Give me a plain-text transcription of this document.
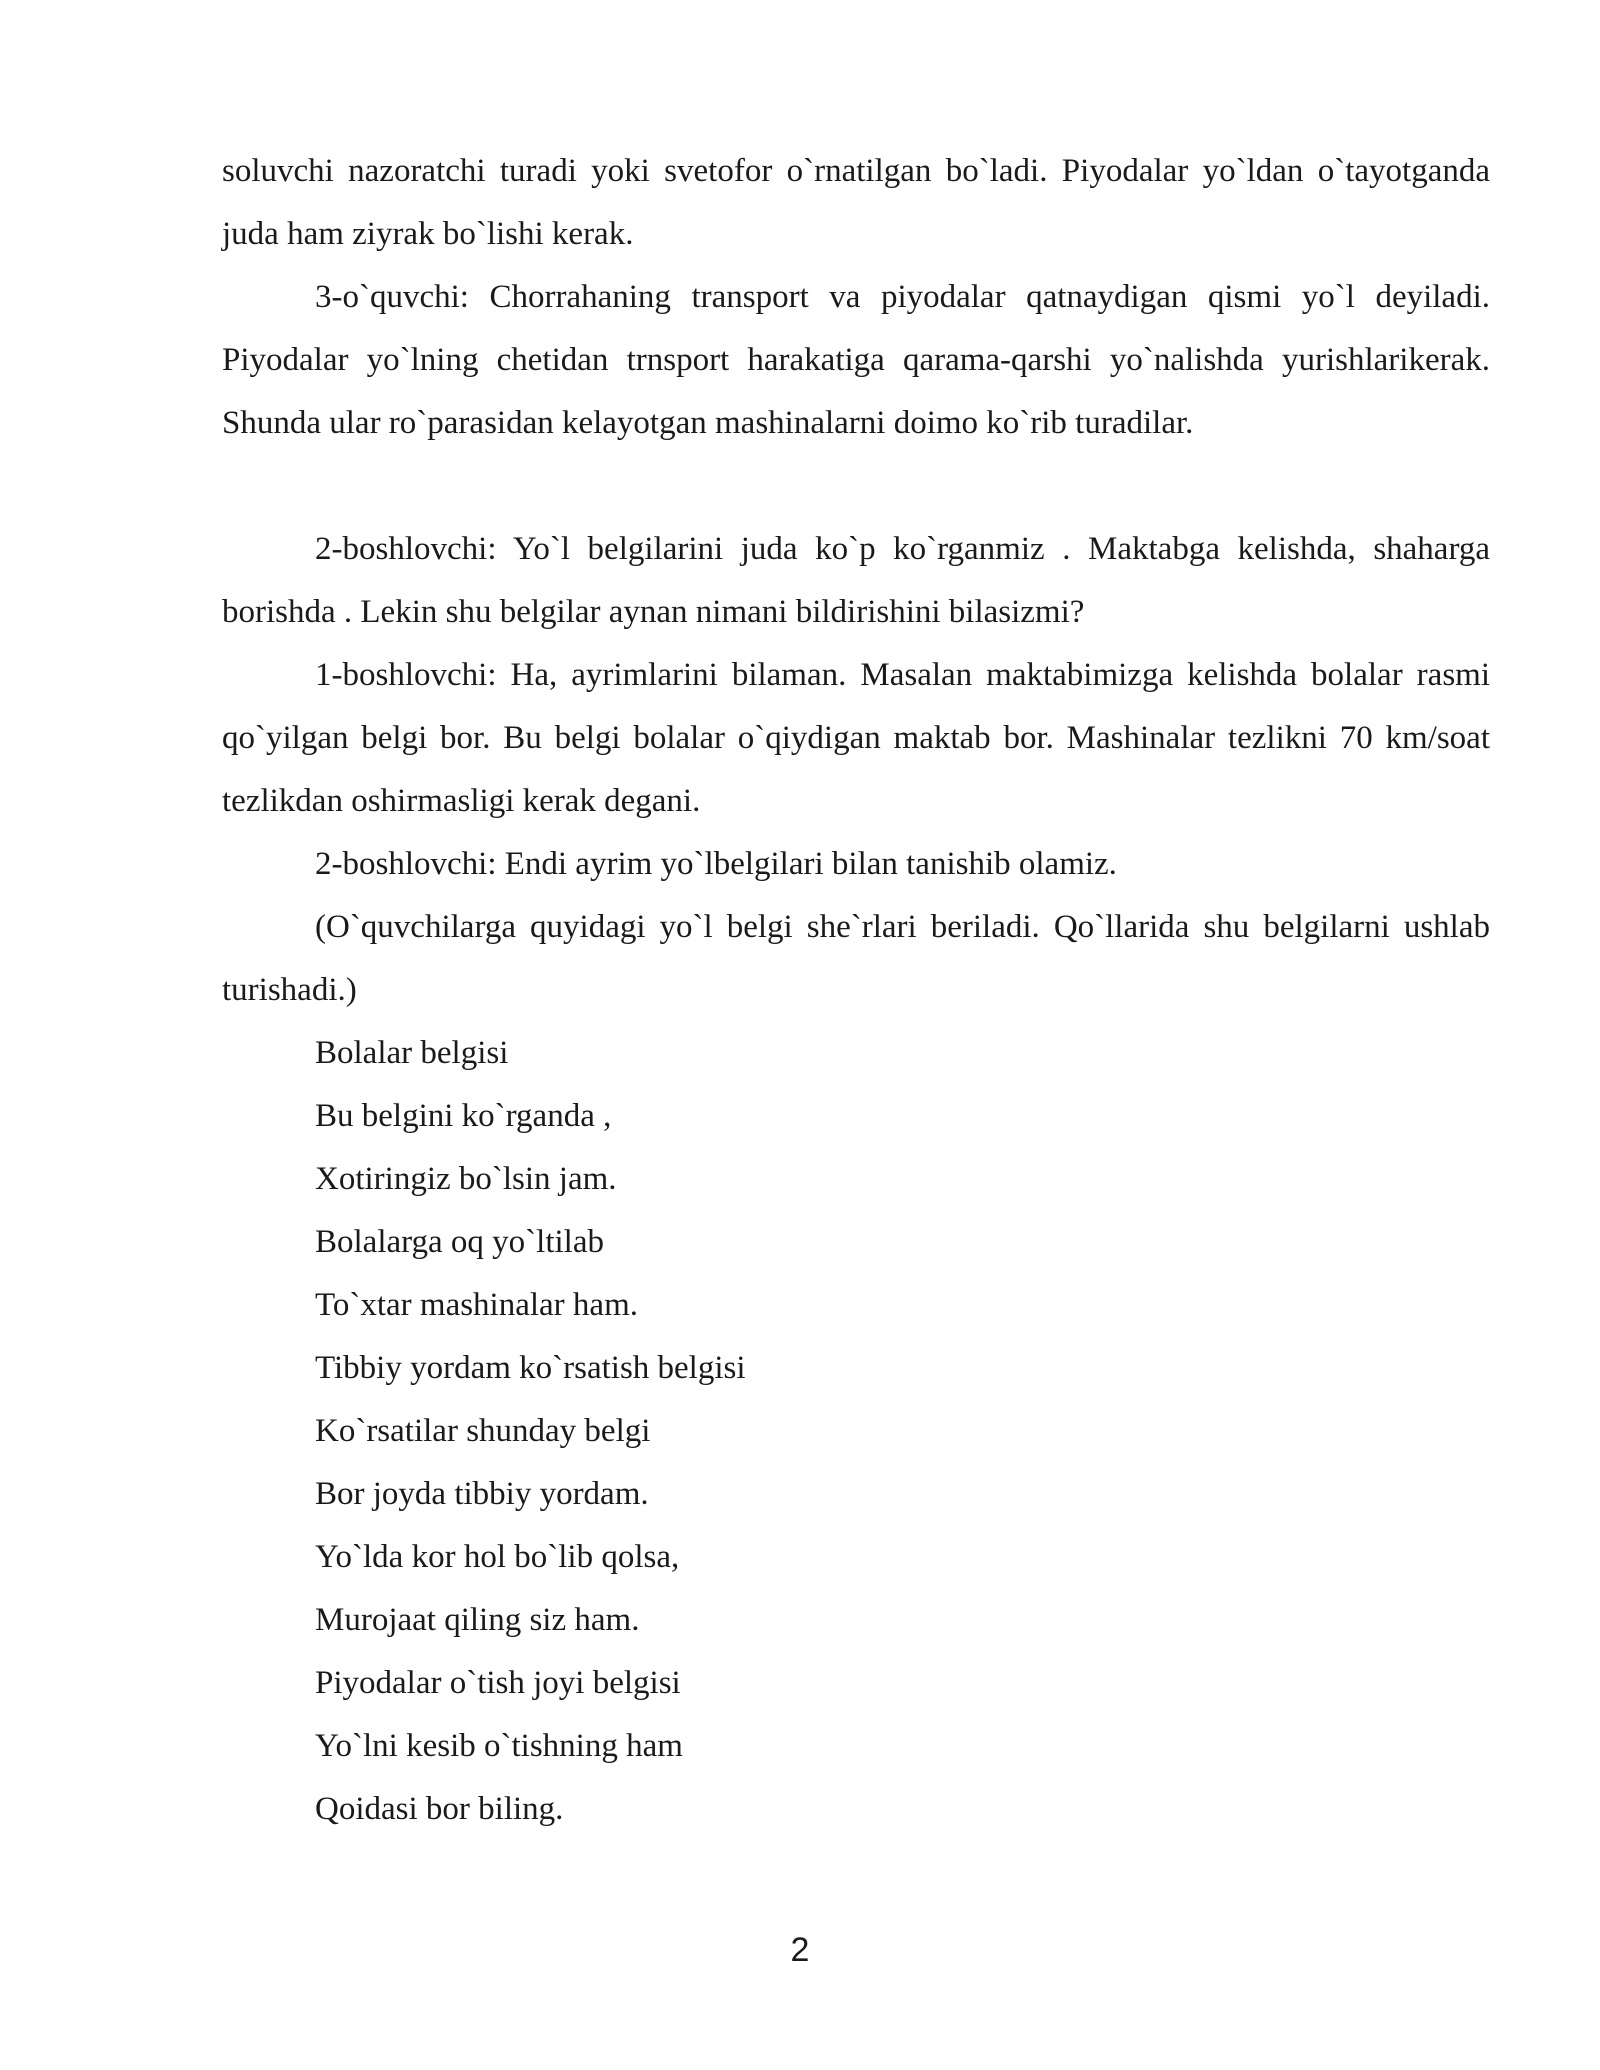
soluvchi nazoratchi turadi yoki svetofor o`rnatilgan bo`ladi. Piyodalar yo`ldan o`tayotganda juda ham ziyrak bo`lishi kerak.

3-o`quvchi: Chorrahaning transport va piyodalar qatnaydigan qismi yo`l deyiladi. Piyodalar yo`lning chetidan trnsport harakatiga qarama-qarshi yo`nalishda yurishlarikerak. Shunda ular ro`parasidan kelayotgan mashinalarni doimo ko`rib turadilar.

2-boshlovchi: Yo`l belgilarini juda ko`p ko`rganmiz . Maktabga kelishda, shaharga borishda . Lekin shu belgilar aynan nimani bildirishini bilasizmi?

1-boshlovchi: Ha, ayrimlarini bilaman. Masalan maktabimizga kelishda bolalar rasmi qo`yilgan belgi bor. Bu belgi bolalar o`qiydigan maktab bor. Mashinalar tezlikni 70 km/soat tezlikdan oshirmasligi kerak degani.

2-boshlovchi: Endi ayrim yo`lbelgilari bilan tanishib olamiz.

(O`quvchilarga quyidagi yo`l belgi she`rlari beriladi. Qo`llarida shu belgilarni ushlab turishadi.)

Bolalar belgisi

Bu belgini ko`rganda ,

Xotiringiz bo`lsin jam.

Bolalarga oq yo`ltilab

To`xtar mashinalar ham.

Tibbiy yordam ko`rsatish belgisi

Ko`rsatilar shunday belgi

Bor joyda tibbiy yordam.

Yo`lda kor hol bo`lib qolsa,

Murojaat qiling siz ham.

Piyodalar o`tish joyi belgisi

Yo`lni kesib o`tishning ham

Qoidasi bor biling.

2
